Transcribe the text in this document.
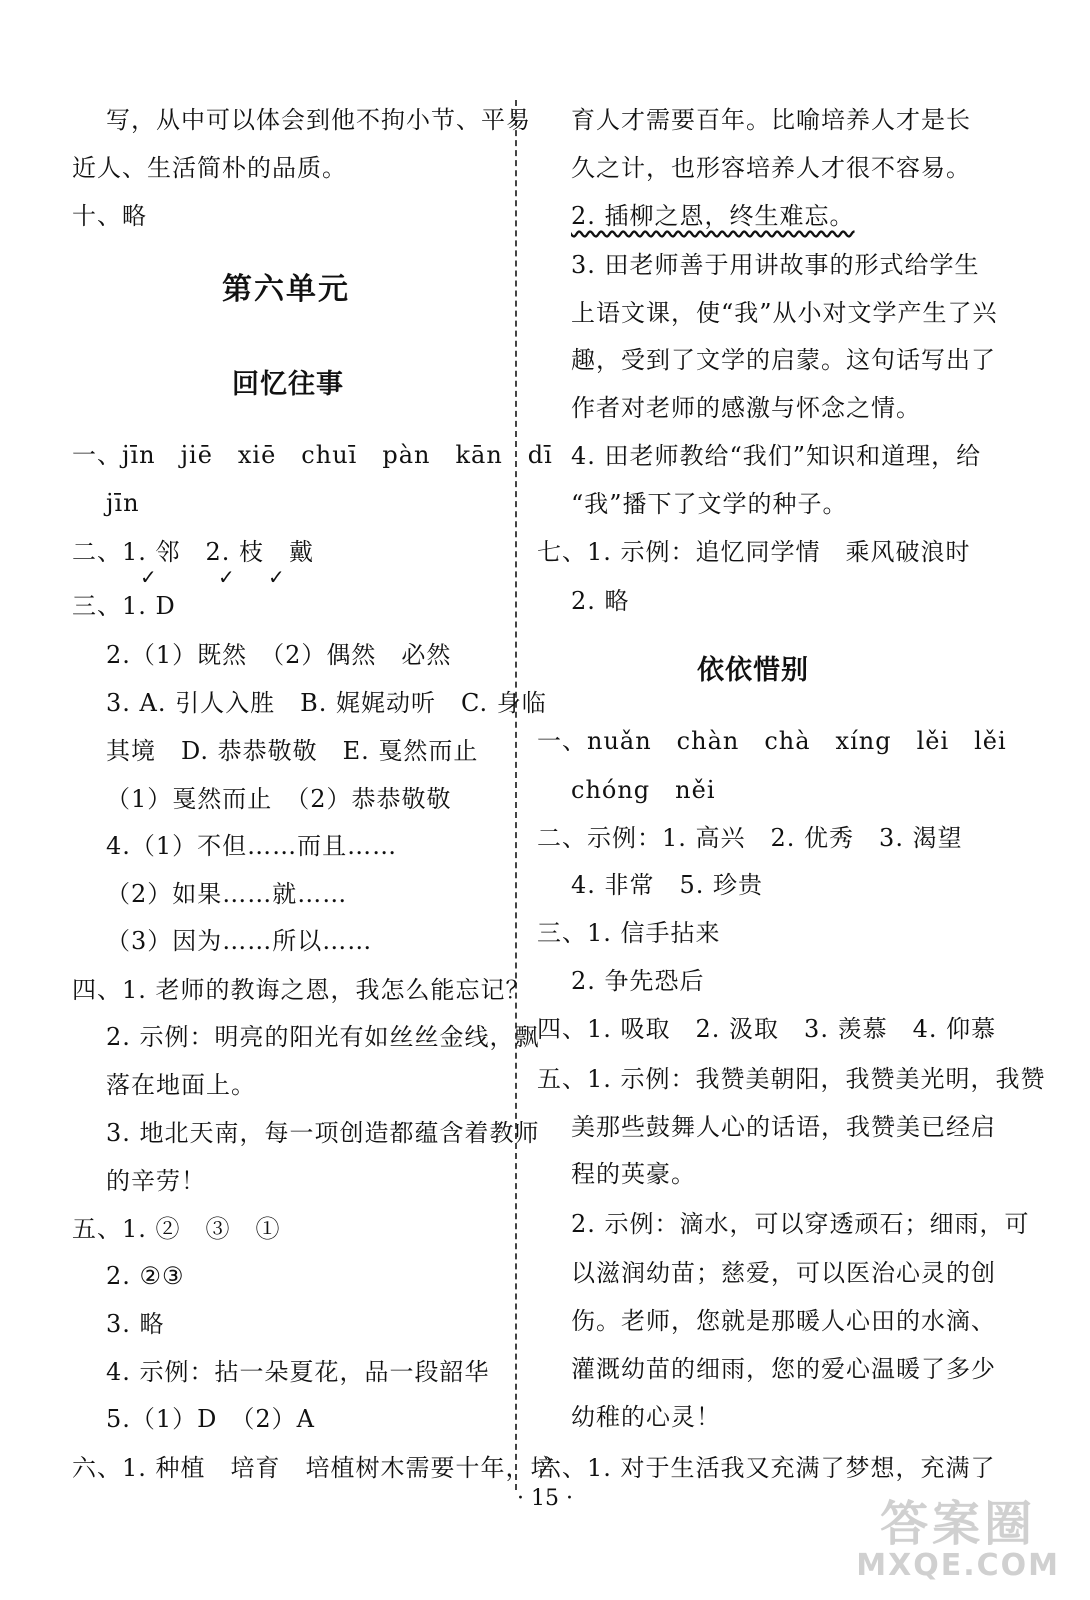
写，从中可以体会到他不拘小节、平易
近人、生活简朴的品质。
十、略
第六单元
回忆往事
一、jīn　jiē　xiē　chuī　pàn　kān　dī
jīn
二、1. 邻　2. 枝　戴
✓	✓ ✓
三、1. D
2.（1）既然　（2）偶然　必然
3. A. 引人入胜　B. 娓娓动听　C. 身临
其境　D. 恭恭敬敬　E. 戛然而止
（1）戛然而止　（2）恭恭敬敬
4.（1）不但……而且……
（2）如果……就……
（3）因为……所以……
四、1. 老师的教诲之恩，我怎么能忘记？
2. 示例：明亮的阳光有如丝丝金线，飘
落在地面上。
3. 地北天南，每一项创造都蕴含着教师
的辛劳！
五、1. ②　③　①
2. ②③
3. 略
4. 示例：拈一朵夏花，品一段韶华
5.（1）D　（2）A
六、1. 种植　培育　培植树木需要十年，培
育人才需要百年。比喻培养人才是长
久之计，也形容培养人才很不容易。
2. 插柳之恩，终生难忘。
3. 田老师善于用讲故事的形式给学生
上语文课，使“我”从小对文学产生了兴
趣，受到了文学的启蒙。这句话写出了
作者对老师的感激与怀念之情。
4. 田老师教给“我们”知识和道理，给
“我”播下了文学的种子。
七、1. 示例：追忆同学情　乘风破浪时
2. 略
依依惜别
一、nuǎn　chàn　chà　xíng　lěi　lěi
chóng　něi
二、示例：1. 高兴　2. 优秀　3. 渴望
4. 非常　5. 珍贵
三、1. 信手拈来
2. 争先恐后
四、1. 吸取　2. 汲取　3. 羡慕　4. 仰慕
五、1. 示例：我赞美朝阳，我赞美光明，我赞
美那些鼓舞人心的话语，我赞美已经启
程的英豪。
2. 示例：滴水，可以穿透顽石；细雨，可
以滋润幼苗；慈爱，可以医治心灵的创
伤。老师，您就是那暖人心田的水滴、
灌溉幼苗的细雨，您的爱心温暖了多少
幼稚的心灵！
六、1. 对于生活我又充满了梦想，充满了
· 15 ·	答案圈
MXQE.COM
